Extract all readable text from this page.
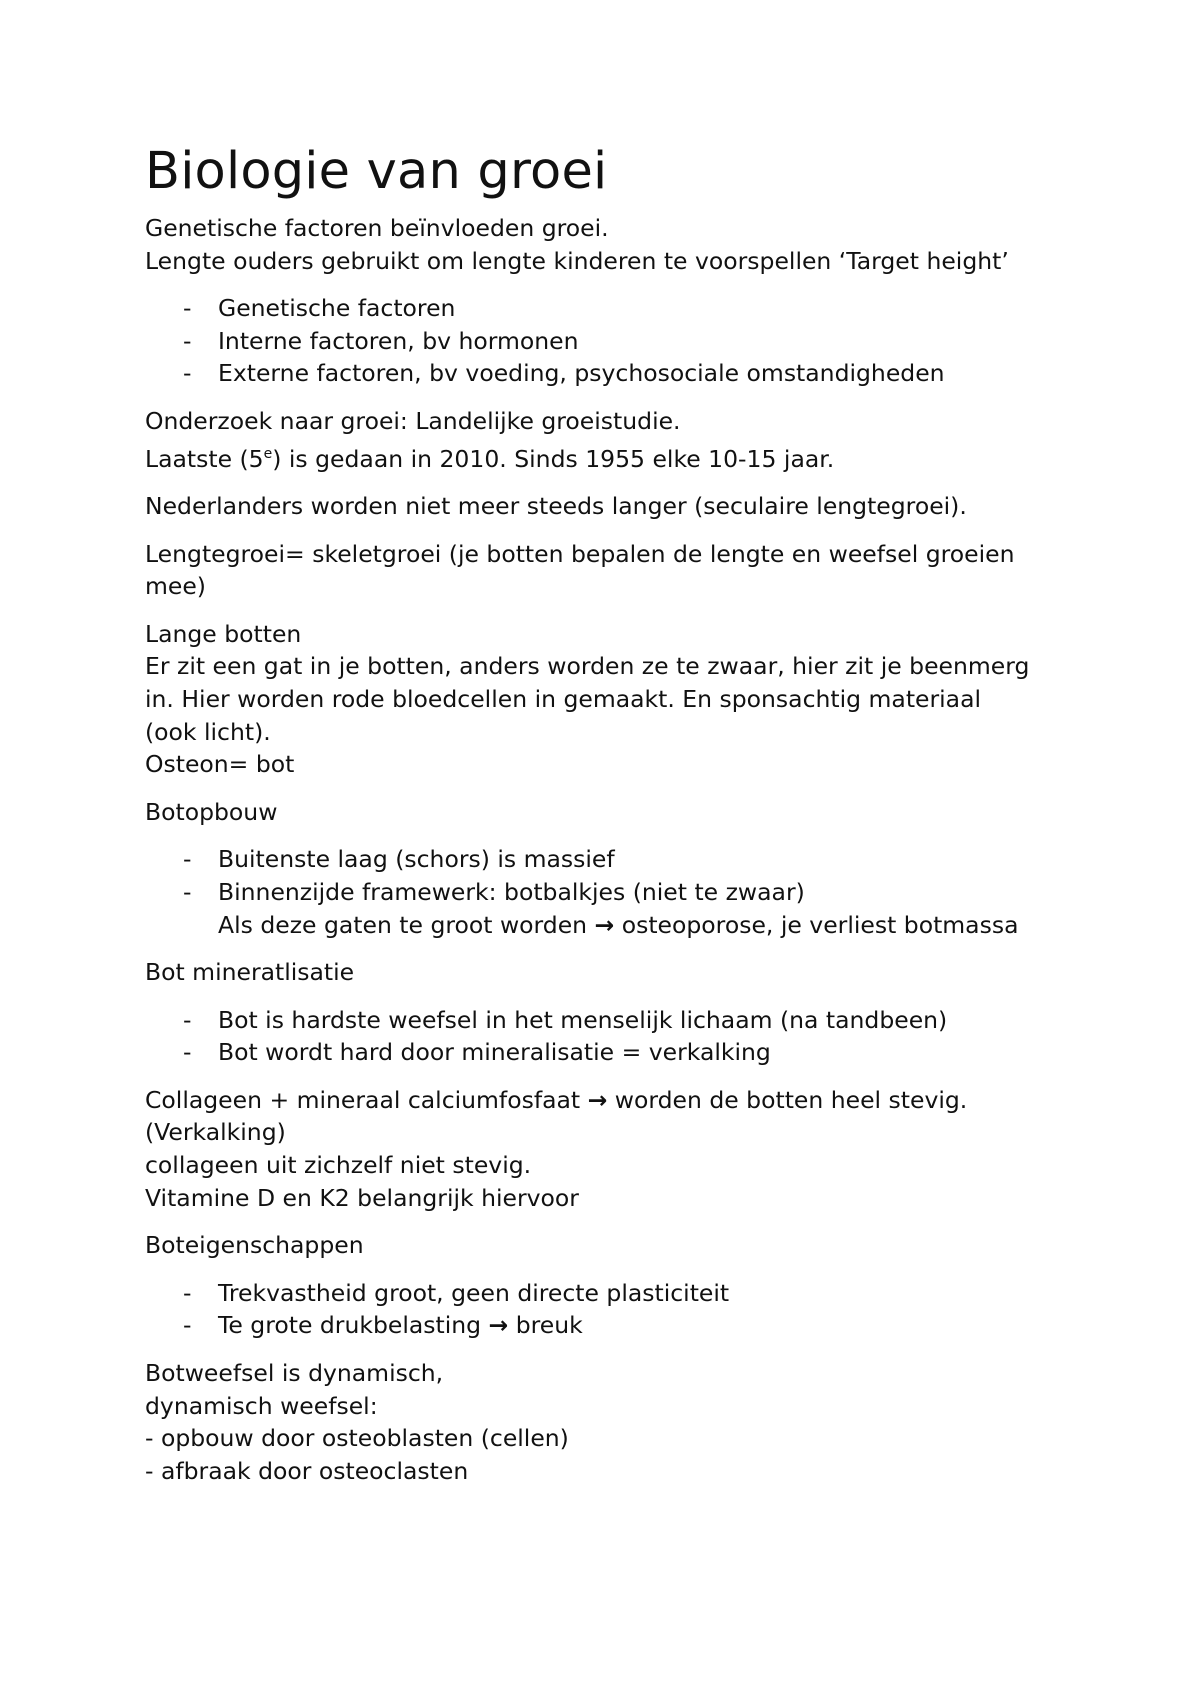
Biologie van groei
Genetische factoren beïnvloeden groei.
Lengte ouders gebruikt om lengte kinderen te voorspellen ‘Target height’
- Genetische factoren
- Interne factoren, bv hormonen
- Externe factoren, bv voeding, psychosociale omstandigheden
Onderzoek naar groei: Landelijke groeistudie.
Laatste (5e) is gedaan in 2010. Sinds 1955 elke 10-15 jaar.
Nederlanders worden niet meer steeds langer (seculaire lengtegroei).
Lengtegroei= skeletgroei (je botten bepalen de lengte en weefsel groeien
mee)
Lange botten
Er zit een gat in je botten, anders worden ze te zwaar, hier zit je beenmerg
in. Hier worden rode bloedcellen in gemaakt. En sponsachtig materiaal
(ook licht).
Osteon= bot
Botopbouw
- Buitenste laag (schors) is massief
- Binnenzijde framewerk: botbalkjes (niet te zwaar)
Als deze gaten te groot worden → osteoporose, je verliest botmassa
Bot mineratlisatie
- Bot is hardste weefsel in het menselijk lichaam (na tandbeen)
- Bot wordt hard door mineralisatie = verkalking
Collageen + mineraal calciumfosfaat → worden de botten heel stevig.
(Verkalking)
collageen uit zichzelf niet stevig.
Vitamine D en K2 belangrijk hiervoor
Boteigenschappen
- Trekvastheid groot, geen directe plasticiteit
- Te grote drukbelasting → breuk
Botweefsel is dynamisch,
dynamisch weefsel:
- opbouw door osteoblasten (cellen)
- afbraak door osteoclasten
